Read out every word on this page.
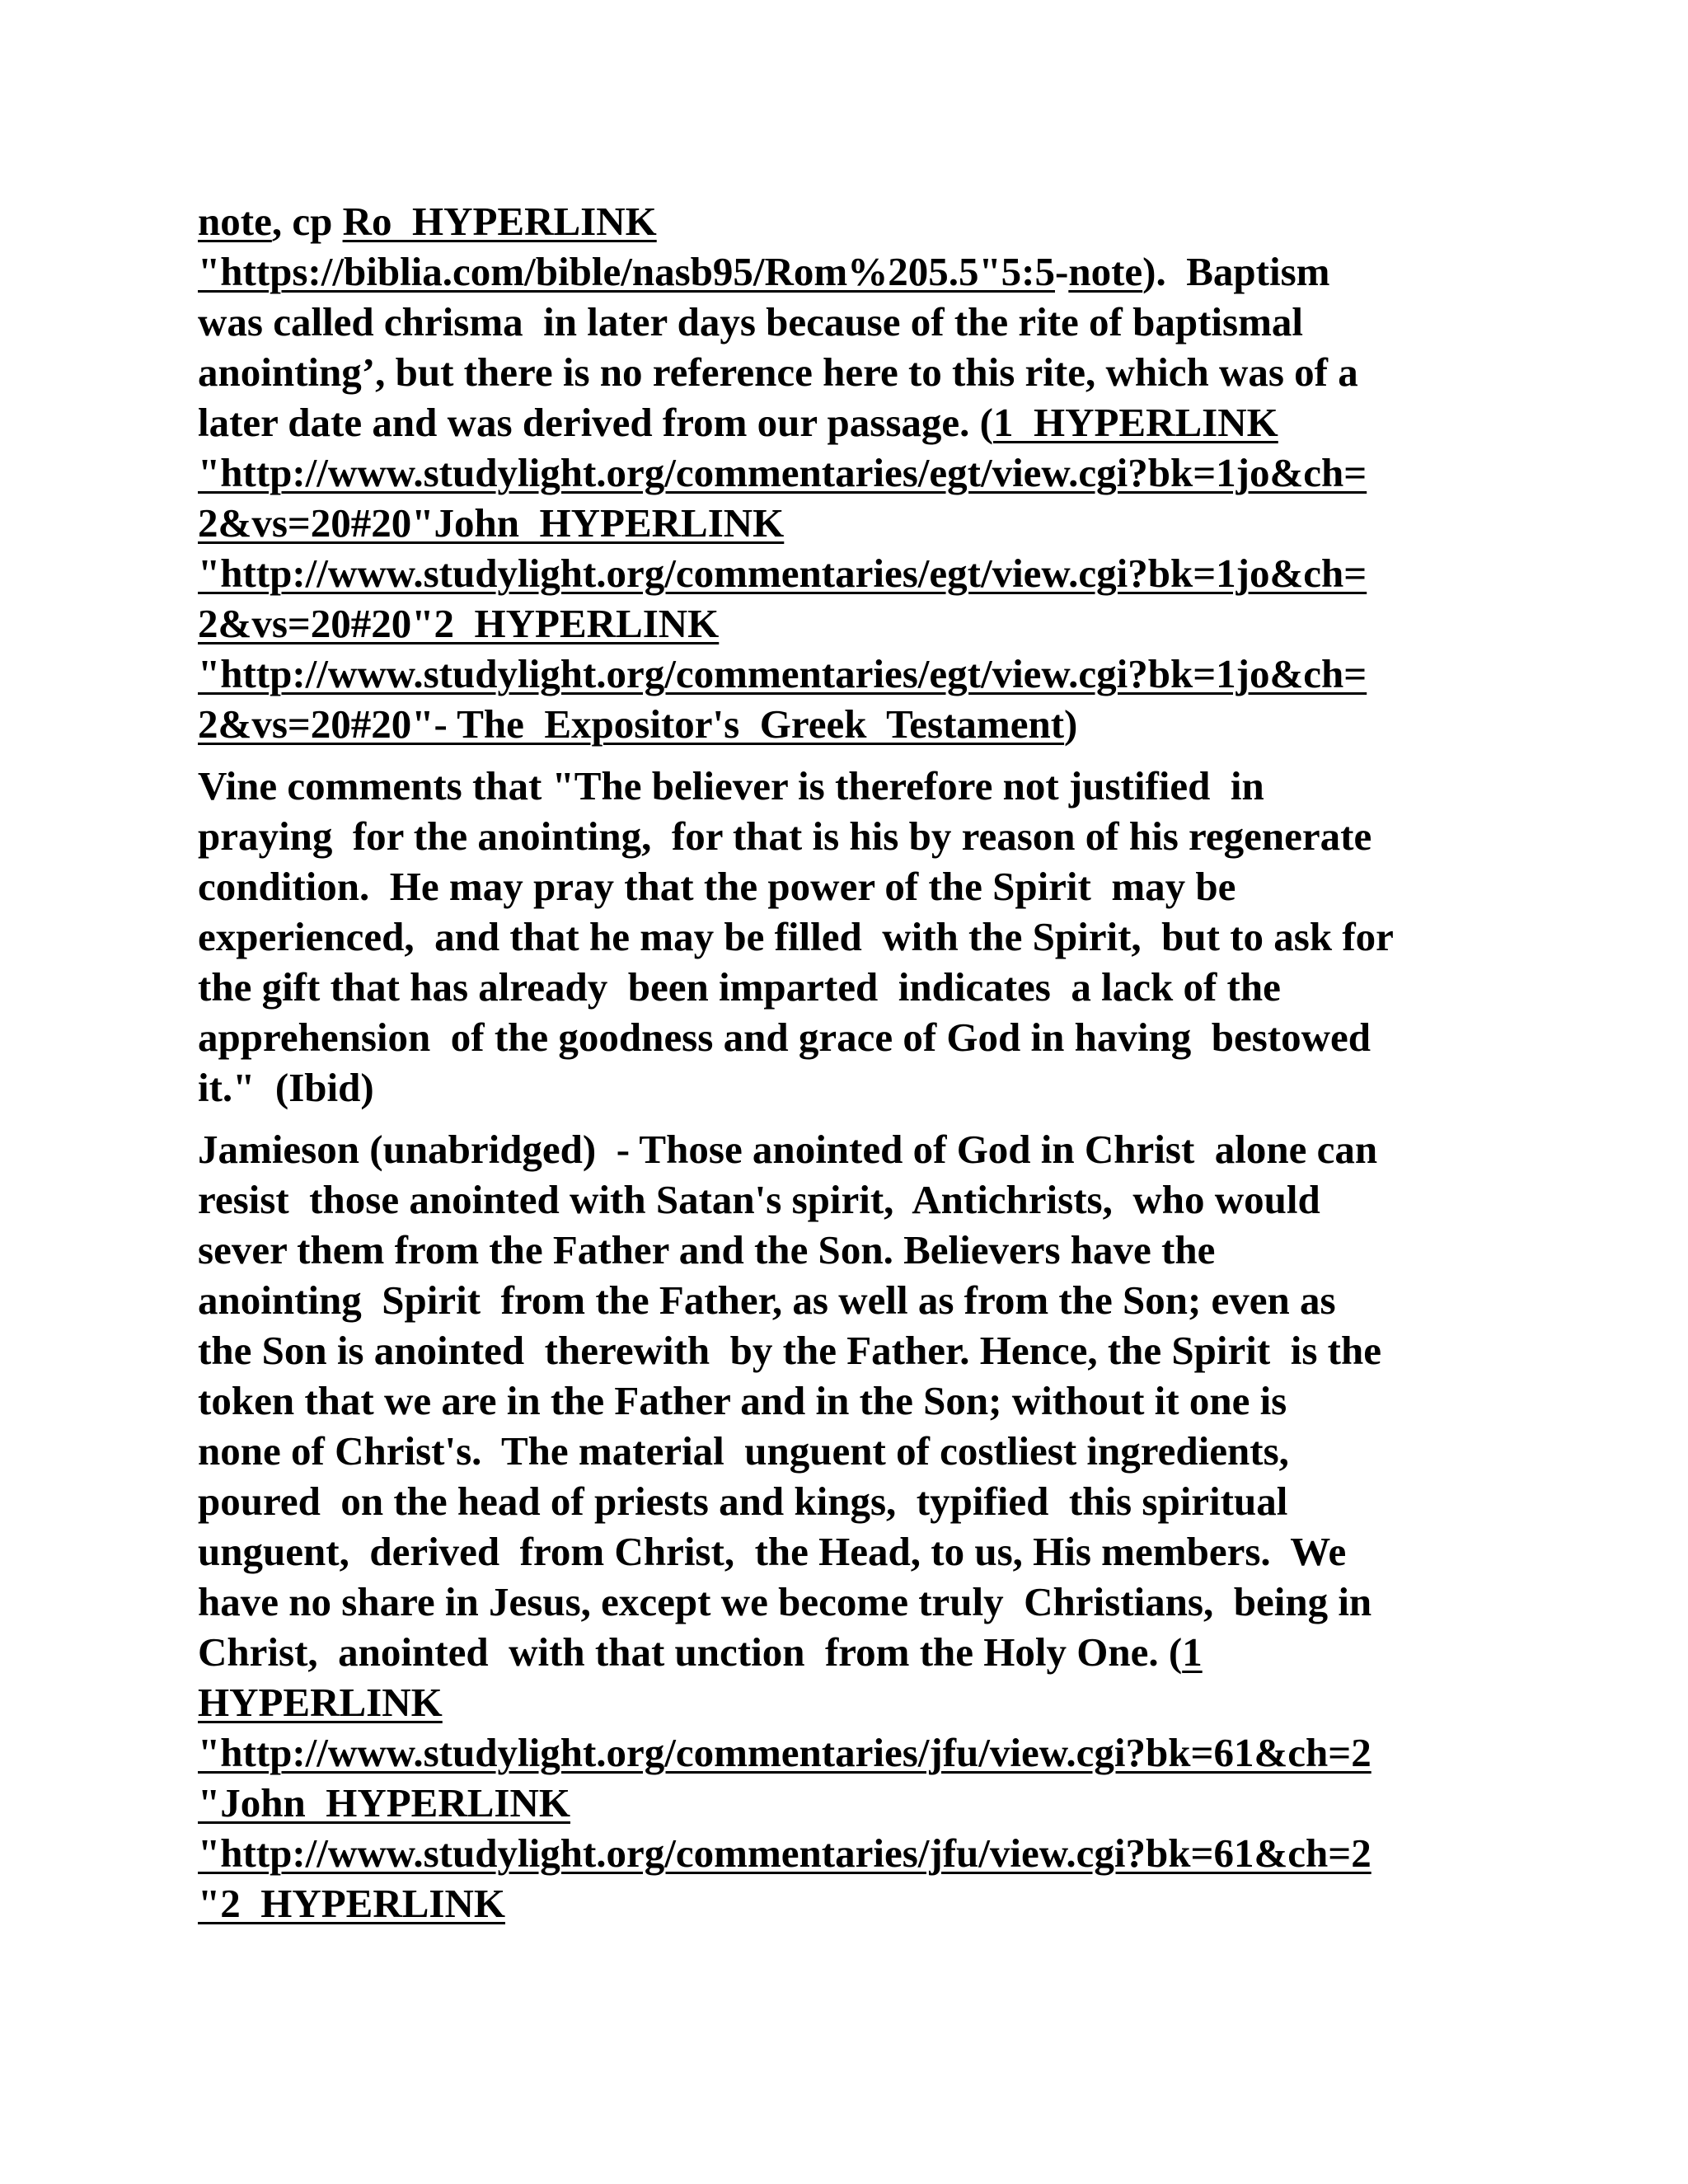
note, cp Ro  HYPERLINK
"https://biblia.com/bible/nasb95/Rom%205.5"5:5-note).  Baptism
was called chrisma  in later days because of the rite of baptismal
anointing’, but there is no reference here to this rite, which was of a
later date and was derived from our passage. (1  HYPERLINK
"http://www.studylight.org/commentaries/egt/view.cgi?bk=1jo&ch=
2&vs=20#20"John  HYPERLINK
"http://www.studylight.org/commentaries/egt/view.cgi?bk=1jo&ch=
2&vs=20#20"2  HYPERLINK
"http://www.studylight.org/commentaries/egt/view.cgi?bk=1jo&ch=
2&vs=20#20"- The  Expositor's  Greek  Testament)
Vine comments that "The believer is therefore not justified  in
praying  for the anointing,  for that is his by reason of his regenerate
condition.  He may pray that the power of the Spirit  may be
experienced,  and that he may be filled  with the Spirit,  but to ask for
the gift that has already  been imparted  indicates  a lack of the
apprehension  of the goodness and grace of God in having  bestowed
it."  (Ibid)
Jamieson (unabridged)  - Those anointed of God in Christ  alone can
resist  those anointed with Satan's spirit,  Antichrists,  who would
sever them from the Father and the Son. Believers have the
anointing  Spirit  from the Father, as well as from the Son; even as
the Son is anointed  therewith  by the Father. Hence, the Spirit  is the
token that we are in the Father and in the Son; without it one is
none of Christ's.  The material  unguent of costliest ingredients,
poured  on the head of priests and kings,  typified  this spiritual
unguent,  derived  from Christ,  the Head, to us, His members.  We
have no share in Jesus, except we become truly  Christians,  being in
Christ,  anointed  with that unction  from the Holy One. (1
HYPERLINK
"http://www.studylight.org/commentaries/jfu/view.cgi?bk=61&ch=2
"John  HYPERLINK
"http://www.studylight.org/commentaries/jfu/view.cgi?bk=61&ch=2
"2  HYPERLINK
